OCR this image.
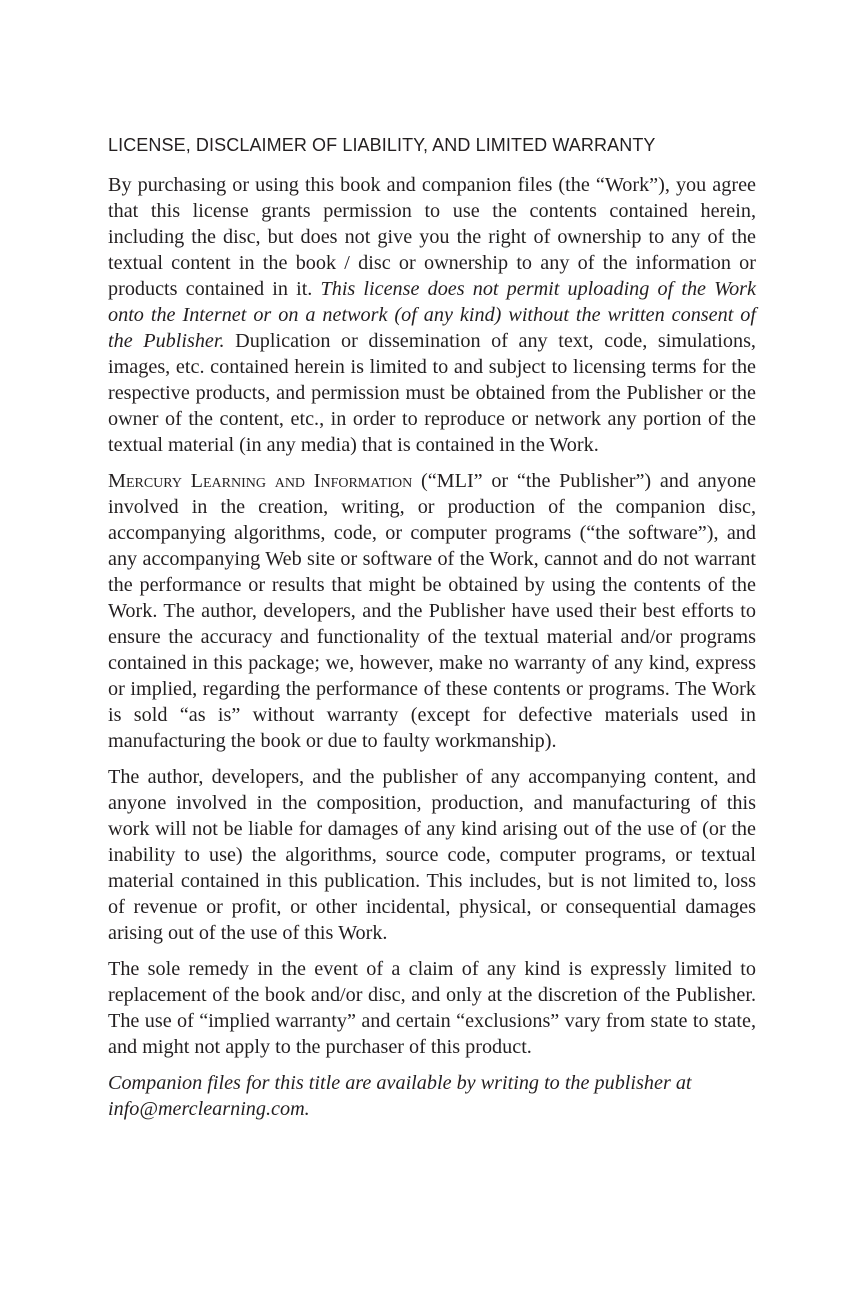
LICENSE, DISCLAIMER OF LIABILITY, AND LIMITED WARRANTY

By purchasing or using this book and companion files (the “Work”), you agree that this license grants permission to use the contents contained herein, including the disc, but does not give you the right of ownership to any of the textual content in the book / disc or ownership to any of the information or products contained in it. This license does not permit uploading of the Work onto the Internet or on a network (of any kind) without the written consent of the Publisher. Duplication or dissemination of any text, code, simulations, images, etc. contained herein is limited to and subject to licensing terms for the respective products, and permission must be obtained from the Publisher or the owner of the content, etc., in order to reproduce or network any portion of the textual material (in any media) that is contained in the Work.

Mercury Learning and Information (“MLI” or “the Publisher”) and anyone involved in the creation, writing, or production of the companion disc, accompanying algorithms, code, or computer programs (“the software”), and any accompanying Web site or software of the Work, cannot and do not warrant the performance or results that might be obtained by using the contents of the Work. The author, developers, and the Publisher have used their best efforts to ensure the accuracy and functionality of the textual material and/or programs contained in this package; we, however, make no warranty of any kind, express or implied, regarding the performance of these contents or programs. The Work is sold “as is” without warranty (except for defective materials used in manufacturing the book or due to faulty workmanship).

The author, developers, and the publisher of any accompanying content, and anyone involved in the composition, production, and manufacturing of this work will not be liable for damages of any kind arising out of the use of (or the inability to use) the algorithms, source code, computer programs, or textual material contained in this publication. This includes, but is not limited to, loss of revenue or profit, or other incidental, physical, or consequential damages arising out of the use of this Work.

The sole remedy in the event of a claim of any kind is expressly limited to replacement of the book and/or disc, and only at the discretion of the Publisher. The use of “implied warranty” and certain “exclusions” vary from state to state, and might not apply to the purchaser of this product.

Companion files for this title are available by writing to the publisher at info@merclearning.com.
